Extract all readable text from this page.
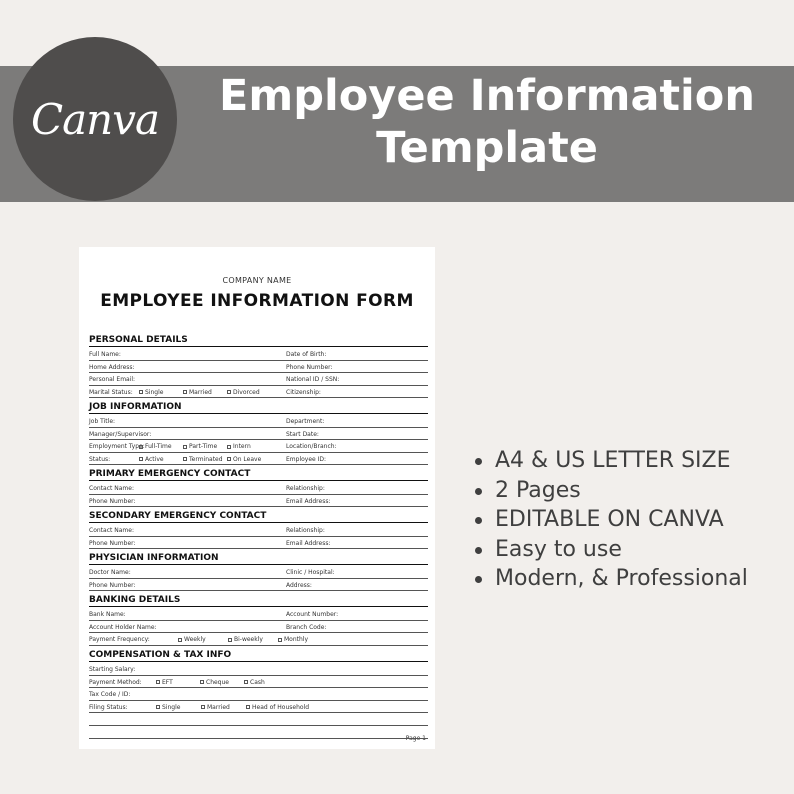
Canva	Employee Information
Template
COMPANY NAME
EMPLOYEE INFORMATION FORM
Page 1
PERSONAL DETAILS
Full Name:	Date of Birth:
Home Address:	Phone Number:
Personal Email:	National ID / SSN:
Marital Status:	Single	Married	Divorced	Citizenship:
JOB INFORMATION
Job Title:	Department:
Manager/Supervisor:	Start Date:
Employment Type: Full-Time	Part-Time	Intern	Location/Branch:
Status:	Active	Terminated	On Leave	Employee ID:
PRIMARY EMERGENCY CONTACT
Contact Name:	Relationship:
Phone Number:	Email Address:
SECONDARY EMERGENCY CONTACT
Contact Name:	Relationship:
Phone Number:	Email Address:
PHYSICIAN INFORMATION
Doctor Name:	Clinic / Hospital:
Phone Number:	Address:
BANKING DETAILS
Bank Name:	Account Number:
Account Holder Name:	Branch Code:
Payment Frequency:	Weekly	Bi-weekly	Monthly
COMPENSATION & TAX INFO
Starting Salary:
Payment Method:	EFT	Cheque	Cash
Tax Code / ID:
Filing Status:	Single	Married	Head of Household
A4 & US LETTER SIZE
2 Pages
EDITABLE ON CANVA
Easy to use
Modern, & Professional
